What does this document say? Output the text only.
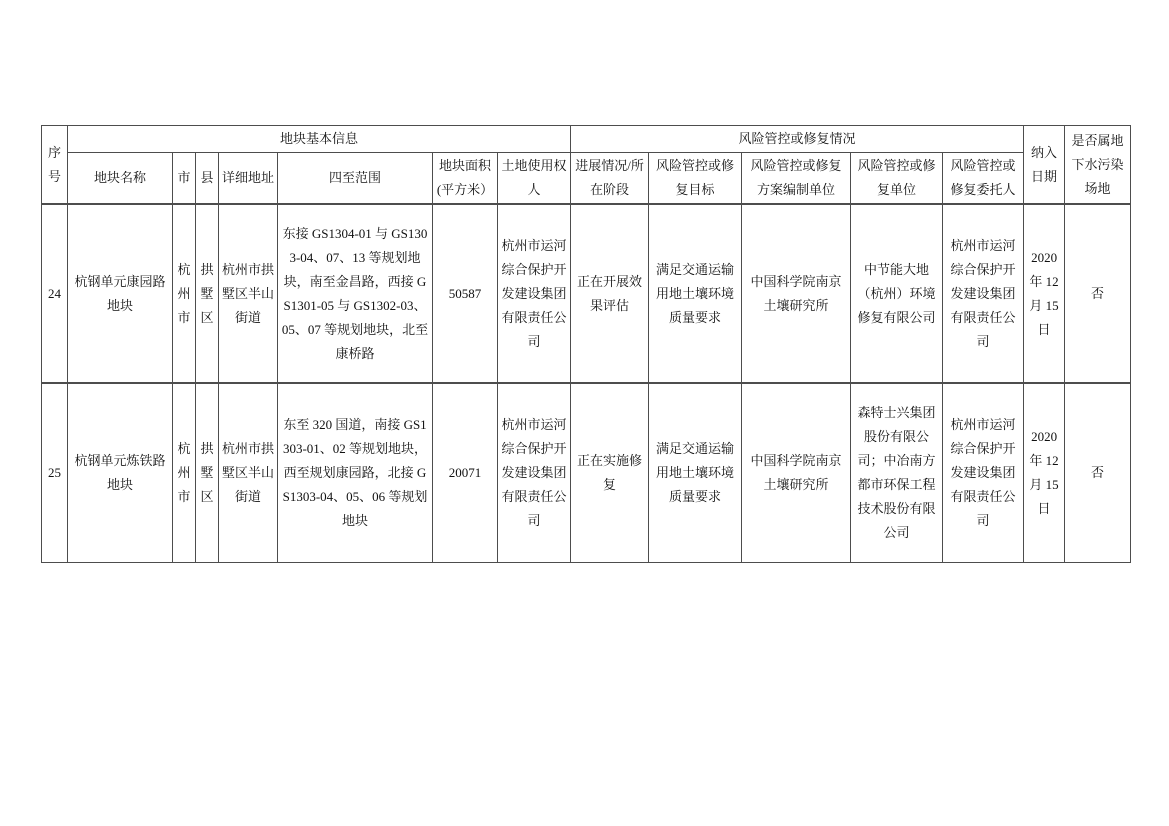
序号	地块基本信息							风险管控或修复情况					纳入日期	是否属地下水污染场地
	地块名称	市	县	详细地址	四至范围	地块面积(平方米）	土地使用权人	进展情况/所在阶段	风险管控或修复目标	风险管控或修复方案编制单位	风险管控或修复单位	风险管控或修复委托人		
24	杭钢单元康园路地块	杭州市	拱墅区	杭州市拱墅区半山街道	东接 GS1304-01 与 GS1303-04、07、13 等规划地块，南至金昌路，西接 GS1301-05 与 GS1302-03、05、07 等规划地块，北至康桥路	50587	杭州市运河综合保护开发建设集团有限责任公司	正在开展效果评估	满足交通运输用地土壤环境质量要求	中国科学院南京土壤研究所	中节能大地（杭州）环境修复有限公司	杭州市运河综合保护开发建设集团有限责任公司	2020 年 12 月 15 日	否
25	杭钢单元炼铁路地块	杭州市	拱墅区	杭州市拱墅区半山街道	东至 320 国道，南接 GS1303-01、02 等规划地块，西至规划康园路，北接 GS1303-04、05、06 等规划地块	20071	杭州市运河综合保护开发建设集团有限责任公司	正在实施修复	满足交通运输用地土壤环境质量要求	中国科学院南京土壤研究所	森特士兴集团股份有限公司；中冶南方都市环保工程技术股份有限公司	杭州市运河综合保护开发建设集团有限责任公司	2020 年 12 月 15 日	否
